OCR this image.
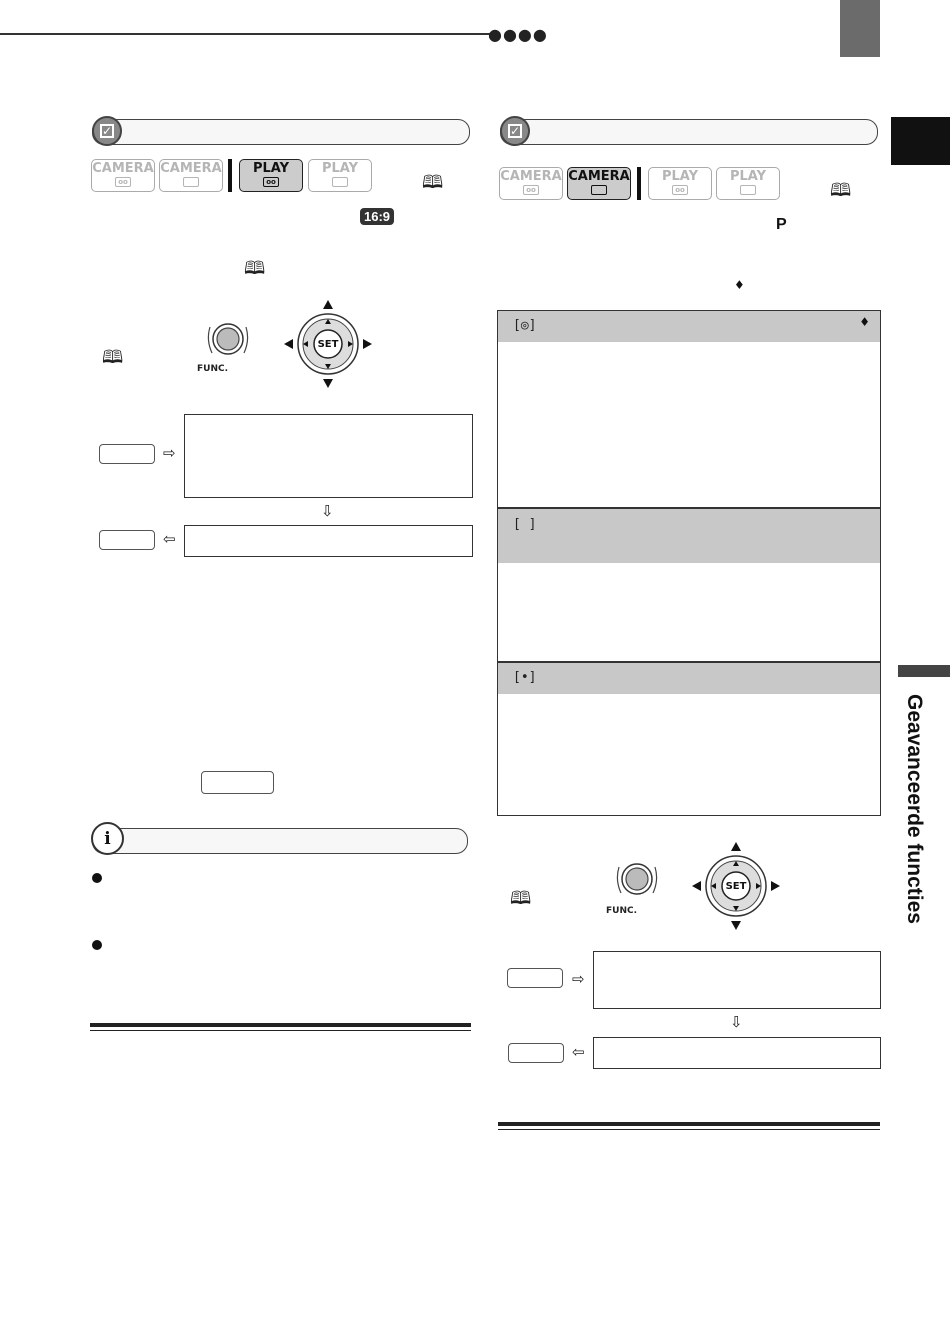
●●●●
Geavanceerde functies
✓
CAMERA
oo
CAMERA	PLAY
oo
PLAY
🕮
16:9
🕮
🕮
FUNC.
SET
⇨
⇩
⇦
i
✓
CAMERA
oo
CAMERA	PLAY
oo
PLAY
🕮
P
♦
[◎]	♦
[ ]
[•]
🕮
FUNC.
SET
⇨
⇩
⇦
